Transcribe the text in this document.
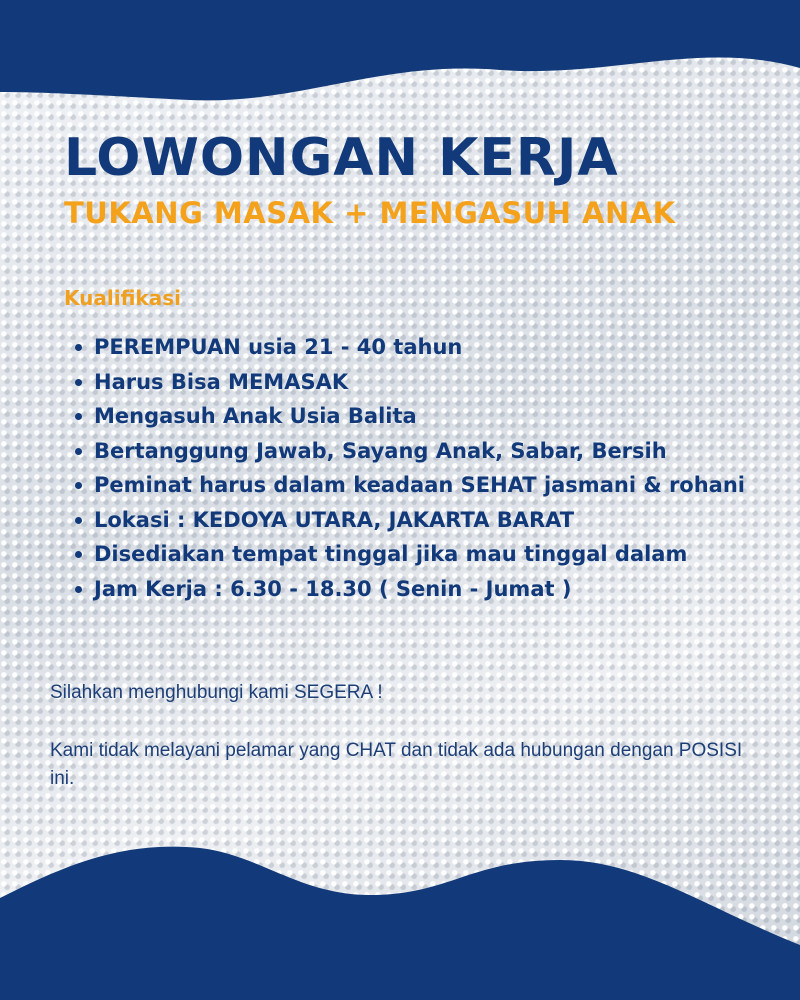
LOWONGAN KERJA
TUKANG MASAK + MENGASUH ANAK
Kualifikasi
PEREMPUAN usia 21 - 40 tahun
Harus Bisa MEMASAK
Mengasuh Anak Usia Balita
Bertanggung Jawab, Sayang Anak, Sabar, Bersih
Peminat harus dalam keadaan SEHAT jasmani & rohani
Lokasi : KEDOYA UTARA, JAKARTA BARAT
Disediakan tempat tinggal jika mau tinggal dalam
Jam Kerja : 6.30 - 18.30 ( Senin - Jumat )

Silahkan menghubungi kami SEGERA !

Kami tidak melayani pelamar yang CHAT dan tidak ada hubungan dengan POSISI ini.
